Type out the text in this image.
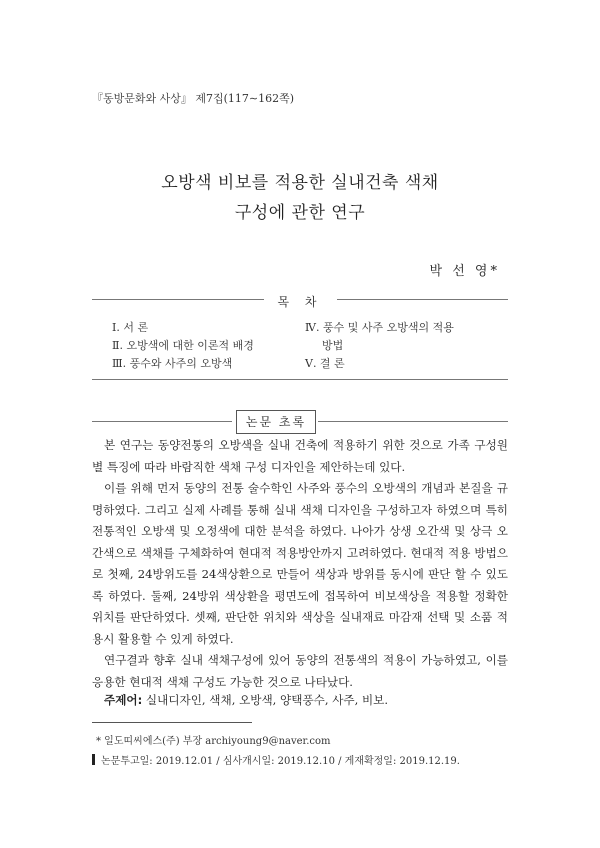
『동방문화와 사상』 제7집(117∼162쪽)
오방색 비보를 적용한 실내건축 색채
구성에 관한 연구
박 선 영*
목 차
Ⅰ. 서 론
Ⅱ. 오방색에 대한 이론적 배경
Ⅲ. 풍수와 사주의 오방색
Ⅳ. 풍수 및 사주 오방색의 적용
방법
Ⅴ. 결 론
논문 초록

본 연구는 동양전통의 오방색을 실내 건축에 적용하기 위한 것으로 가족 구성원별 특징에 따라 바람직한 색채 구성 디자인을 제안하는데 있다.

이를 위해 먼저 동양의 전통 술수학인 사주와 풍수의 오방색의 개념과 본질을 규명하였다. 그리고 실제 사례를 통해 실내 색채 디자인을 구성하고자 하였으며 특히 전통적인 오방색 및 오정색에 대한 분석을 하였다. 나아가 상생 오간색 및 상극 오간색으로 색채를 구체화하여 현대적 적용방안까지 고려하였다. 현대적 적용 방법으로 첫째, 24방위도를 24색상환으로 만들어 색상과 방위를 동시에 판단 할 수 있도록 하였다. 둘째, 24방위 색상환을 평면도에 접목하여 비보색상을 적용할 정확한 위치를 판단하였다. 셋째, 판단한 위치와 색상을 실내재료 마감재 선택 및 소품 적용시 활용할 수 있게 하였다.

연구결과 향후 실내 색채구성에 있어 동양의 전통색의 적용이 가능하였고, 이를 응용한 현대적 색채 구성도 가능한 것으로 나타났다.

주제어: 실내디자인, 색채, 오방색, 양택풍수, 사주, 비보.
* 일도띠씨에스(주) 부장 archiyoung9@naver.com
논문투고일: 2019.12.01 / 심사개시일: 2019.12.10 / 게재확정일: 2019.12.19.
